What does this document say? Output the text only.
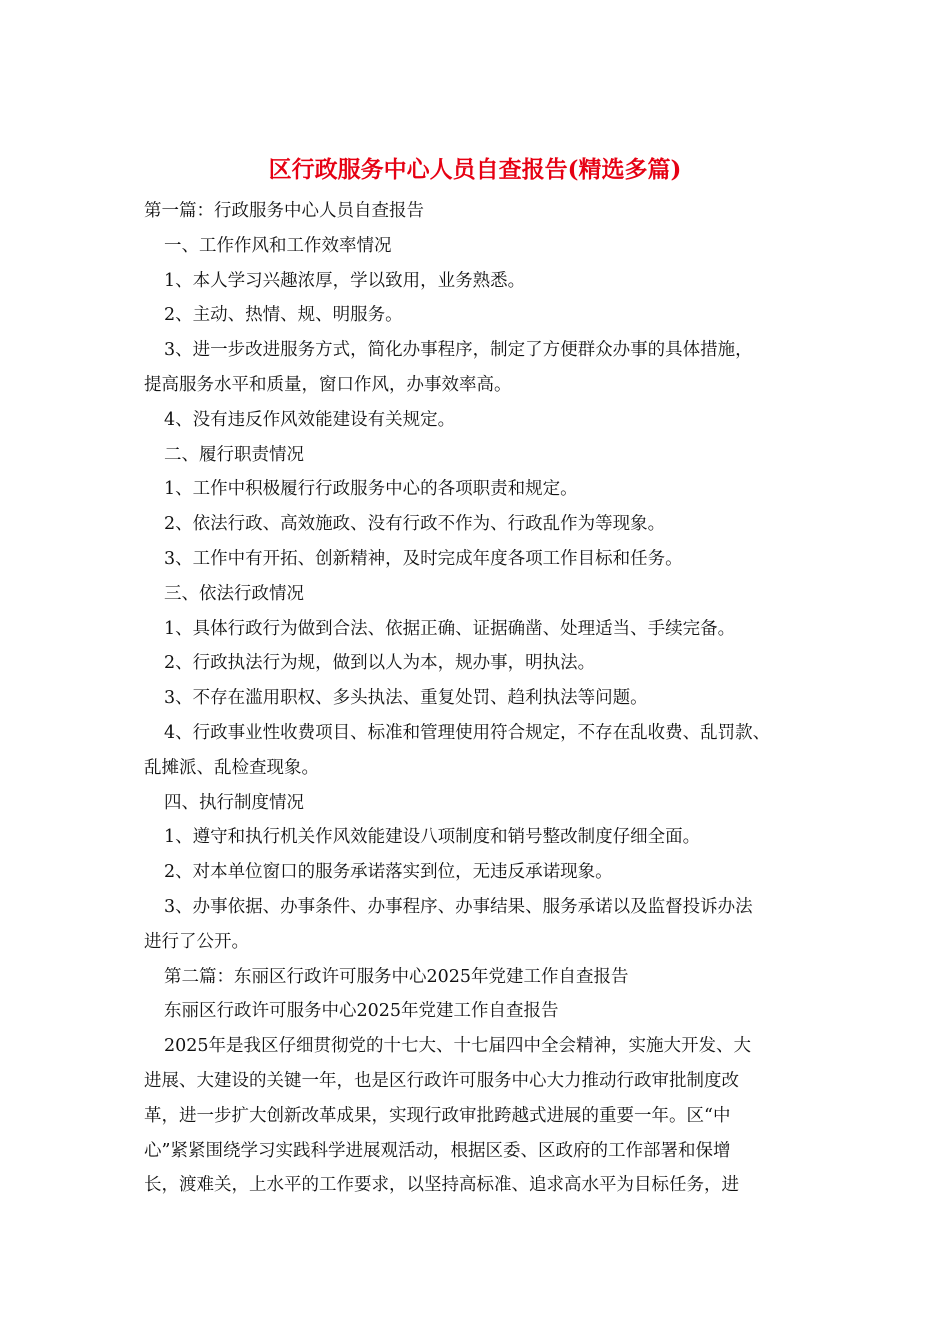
区行政服务中心人员自查报告(精选多篇)
第一篇：行政服务中心人员自查报告
一、工作作风和工作效率情况
1、本人学习兴趣浓厚，学以致用，业务熟悉。
2、主动、热情、规、明服务。
3、进一步改进服务方式，简化办事程序，制定了方便群众办事的具体措施，
提高服务水平和质量，窗口作风，办事效率高。
4、没有违反作风效能建设有关规定。
二、履行职责情况
1、工作中积极履行行政服务中心的各项职责和规定。
2、依法行政、高效施政、没有行政不作为、行政乱作为等现象。
3、工作中有开拓、创新精神，及时完成年度各项工作目标和任务。
三、依法行政情况
1、具体行政行为做到合法、依据正确、证据确凿、处理适当、手续完备。
2、行政执法行为规，做到以人为本，规办事，明执法。
3、不存在滥用职权、多头执法、重复处罚、趋利执法等问题。
4、行政事业性收费项目、标准和管理使用符合规定，不存在乱收费、乱罚款、
乱摊派、乱检查现象。
四、执行制度情况
1、遵守和执行机关作风效能建设八项制度和销号整改制度仔细全面。
2、对本单位窗口的服务承诺落实到位，无违反承诺现象。
3、办事依据、办事条件、办事程序、办事结果、服务承诺以及监督投诉办法
进行了公开。
第二篇：东丽区行政许可服务中心2025年党建工作自查报告
东丽区行政许可服务中心2025年党建工作自查报告
2025年是我区仔细贯彻党的十七大、十七届四中全会精神，实施大开发、大
进展、大建设的关键一年，也是区行政许可服务中心大力推动行政审批制度改
革，进一步扩大创新改革成果，实现行政审批跨越式进展的重要一年。区“中
心”紧紧围绕学习实践科学进展观活动，根据区委、区政府的工作部署和保增
长，渡难关，上水平的工作要求，以坚持高标准、追求高水平为目标任务，进
